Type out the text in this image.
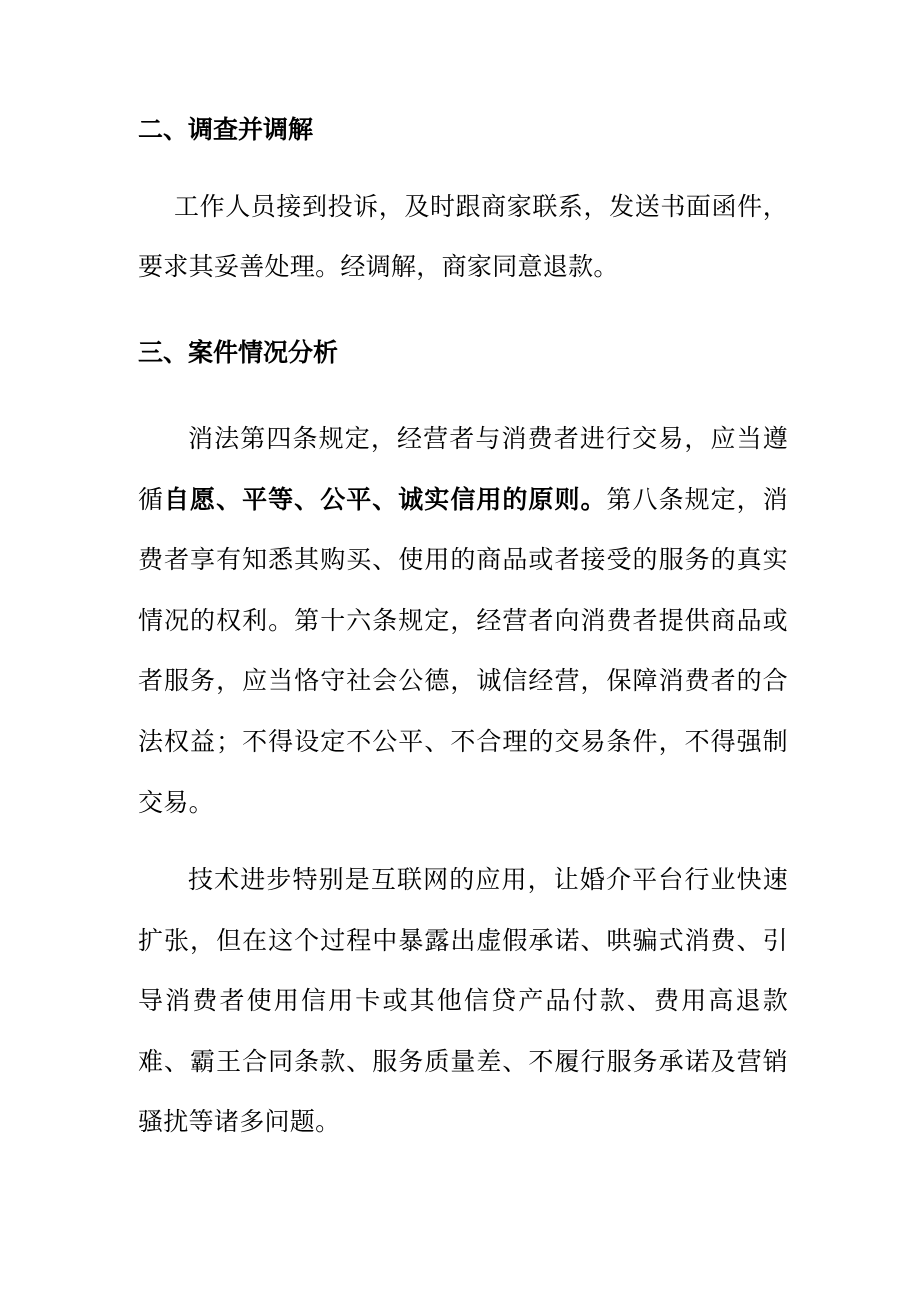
二、调查并调解

工作人员接到投诉，及时跟商家联系，发送书面函件，要求其妥善处理。经调解，商家同意退款。

三、案件情况分析

消法第四条规定，经营者与消费者进行交易，应当遵循自愿、平等、公平、诚实信用的原则。第八条规定，消费者享有知悉其购买、使用的商品或者接受的服务的真实情况的权利。第十六条规定，经营者向消费者提供商品或者服务，应当恪守社会公德，诚信经营，保障消费者的合法权益；不得设定不公平、不合理的交易条件，不得强制交易。

技术进步特别是互联网的应用，让婚介平台行业快速扩张，但在这个过程中暴露出虚假承诺、哄骗式消费、引导消费者使用信用卡或其他信贷产品付款、费用高退款难、霸王合同条款、服务质量差、不履行服务承诺及营销骚扰等诸多问题。
